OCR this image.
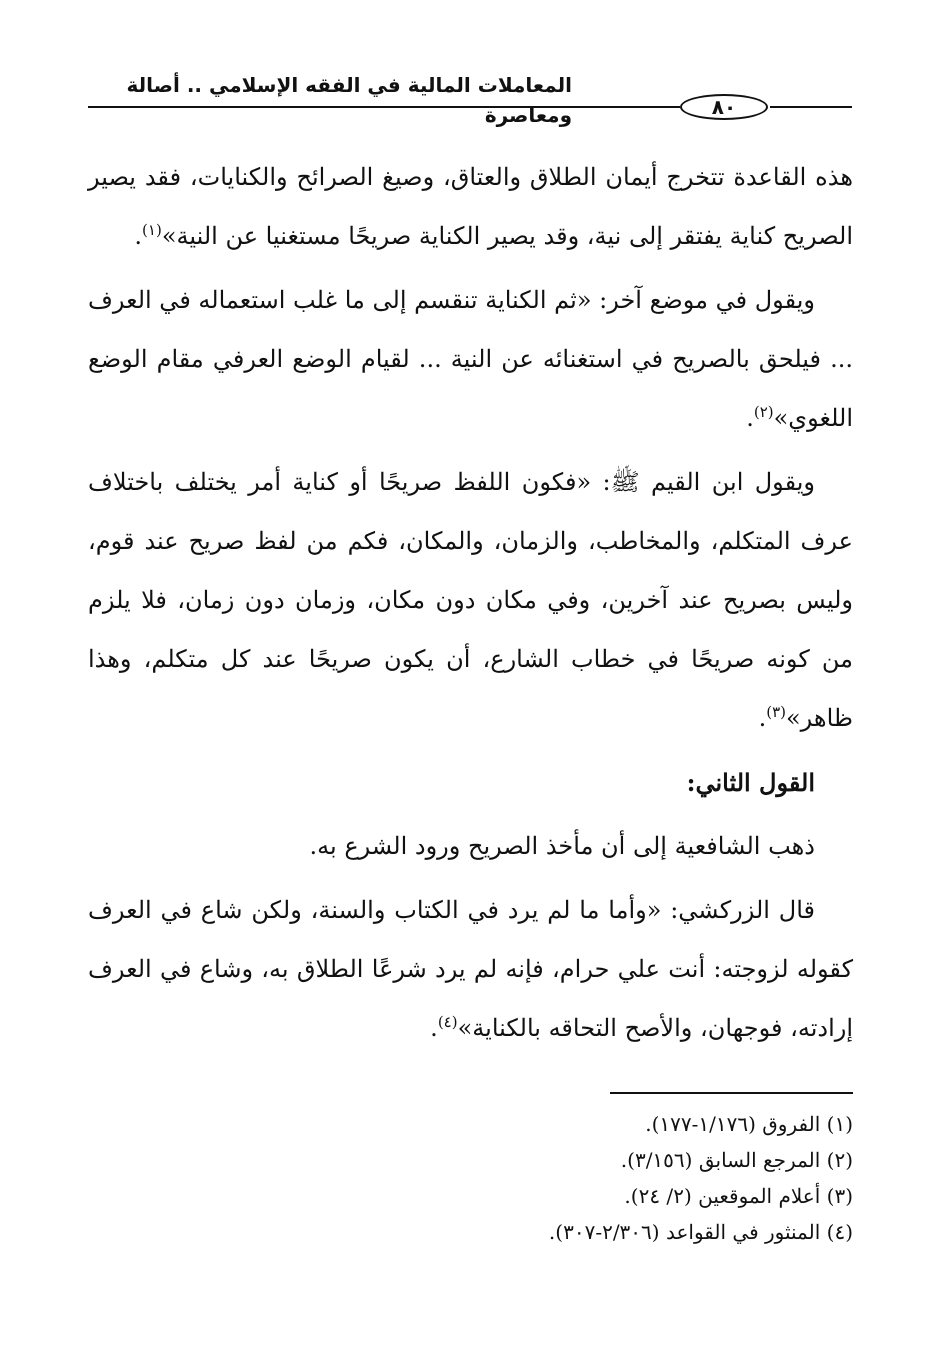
المعاملات المالية في الفقه الإسلامي .. أصالة ومعاصرة	٨٠

هذه القاعدة تتخرج أيمان الطلاق والعتاق، وصيغ الصرائح والكنايات، فقد يصير الصريح كناية يفتقر إلى نية، وقد يصير الكناية صريحًا مستغنيا عن النية»$^{(١)}$.

ويقول في موضع آخر: «ثم الكناية تنقسم إلى ما غلب استعماله في العرف ... فيلحق بالصريح في استغنائه عن النية ... لقيام الوضع العرفي مقام الوضع اللغوي»$^{(٢)}$.

ويقول ابن القيم ﷺ: «فكون اللفظ صريحًا أو كناية أمر يختلف باختلاف عرف المتكلم، والمخاطب، والزمان، والمكان، فكم من لفظ صريح عند قوم، وليس بصريح عند آخرين، وفي مكان دون مكان، وزمان دون زمان، فلا يلزم من كونه صريحًا في خطاب الشارع، أن يكون صريحًا عند كل متكلم، وهذا ظاهر»$^{(٣)}$.

القول الثاني:

ذهب الشافعية إلى أن مأخذ الصريح ورود الشرع به.

قال الزركشي: «وأما ما لم يرد في الكتاب والسنة، ولكن شاع في العرف كقوله لزوجته: أنت علي حرام، فإنه لم يرد شرعًا الطلاق به، وشاع في العرف إرادته، فوجهان، والأصح التحاقه بالكناية»$^{(٤)}$.

(١) الفروق (١/١٧٦-١٧٧).
(٢) المرجع السابق (٣/١٥٦).
(٣) أعلام الموقعين (٢/ ٢٤).
(٤) المنثور في القواعد (٢/٣٠٦-٣٠٧).
